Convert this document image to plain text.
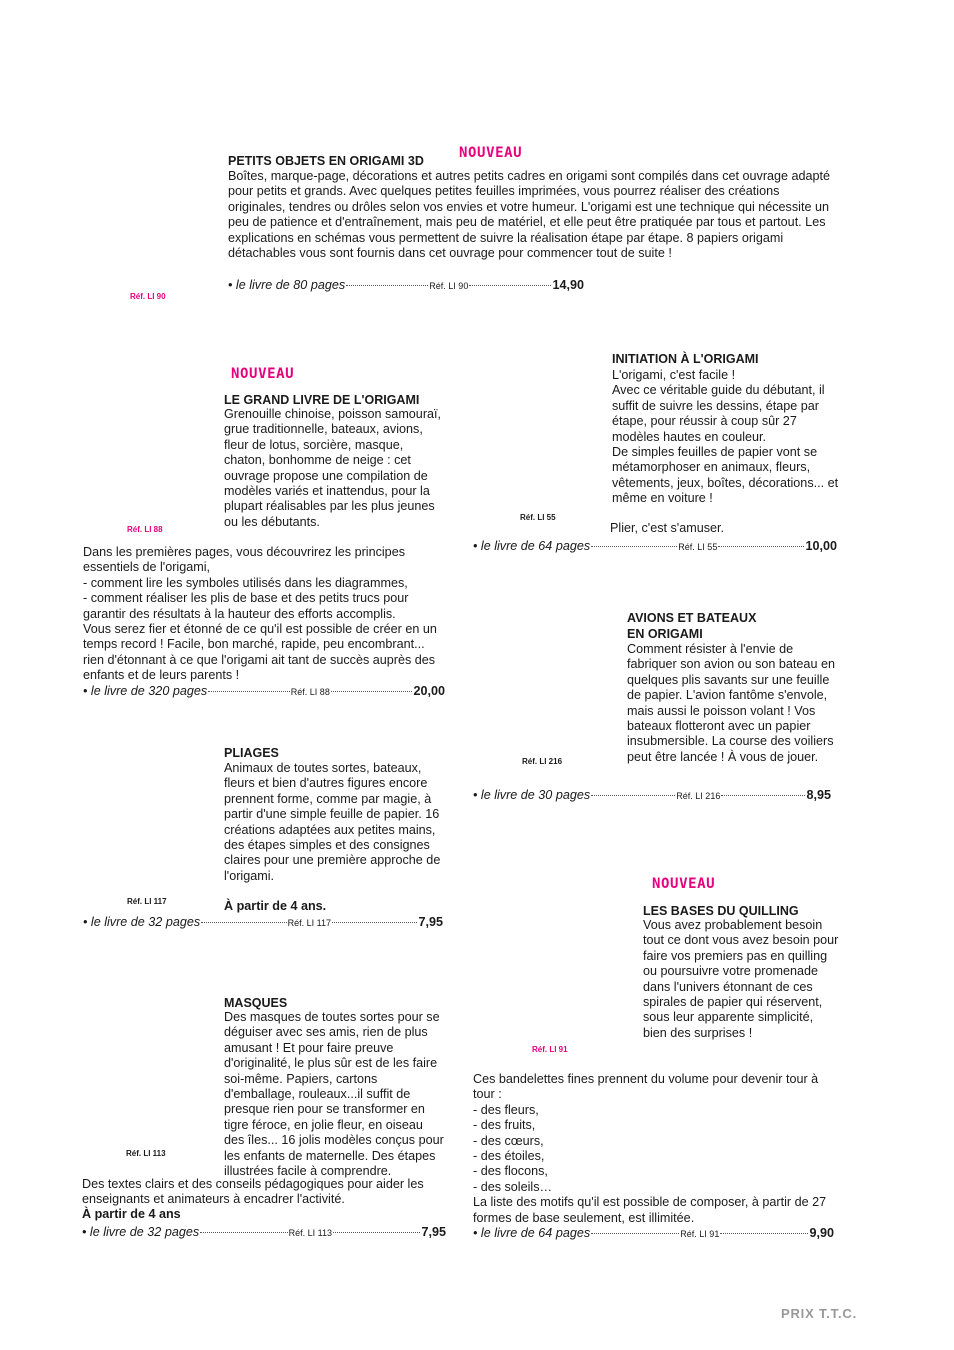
NOUVEAU
PETITS OBJETS EN ORIGAMI 3D
Boîtes, marque-page, décorations et autres petits cadres en origami sont compilés dans cet ouvrage adapté pour petits et grands. Avec quelques petites feuilles imprimées, vous pourrez réaliser des créations originales, tendres ou drôles selon vos envies et votre humeur. L'origami est une technique qui nécessite un peu de patience et d'entraînement, mais peu de matériel, et elle peut être pratiquée par tous et partout. Les explications en schémas vous permettent de suivre la réalisation étape par étape. 8 papiers origami détachables vous sont fournis dans cet ouvrage pour commencer tout de suite !
Réf. LI 90
• le livre de 80 pages	Réf. LI 90	14,90
NOUVEAU
LE GRAND LIVRE DE L'ORIGAMI
Grenouille chinoise, poisson samouraï, grue traditionnelle, bateaux, avions, fleur de lotus, sorcière, masque, chaton, bonhomme de neige : cet ouvrage propose une compilation de modèles variés et inattendus, pour la plupart réalisables par les plus jeunes ou les débutants.
Réf. LI 88
Dans les premières pages, vous découvrirez les principes essentiels de l'origami,
- comment lire les symboles utilisés dans les diagrammes,
- comment réaliser les plis de base et des petits trucs pour garantir des résultats à la hauteur des efforts accomplis.
Vous serez fier et étonné de ce qu'il est possible de créer en un temps record ! Facile, bon marché, rapide, peu encombrant... rien d'étonnant à ce que l'origami ait tant de succès auprès des enfants et de leurs parents !
• le livre de 320 pages	Réf. LI 88	20,00
INITIATION À L'ORIGAMI
L'origami, c'est facile !
Avec ce véritable guide du débutant, il suffit de suivre les dessins, étape par étape, pour réussir à coup sûr 27 modèles hautes en couleur.
De simples feuilles de papier vont se métamorphoser en animaux, fleurs, vêtements, jeux, boîtes, décorations... et même en voiture !
Plier, c'est s'amuser.
Réf. LI 55
• le livre de 64 pages	Réf. LI 55	10,00
PLIAGES
Animaux de toutes sortes, bateaux, fleurs et bien d'autres figures encore prennent forme, comme par magie, à partir d'une simple feuille de papier. 16 créations adaptées aux petites mains, des étapes simples et des consignes claires pour une première approche de l'origami.
À partir de 4 ans.
Réf. LI 117
• le livre de 32 pages	Réf. LI 117	7,95
AVIONS ET BATEAUX
EN ORIGAMI
Comment résister à l'envie de fabriquer son avion ou son bateau en quelques plis savants sur une feuille de papier. L'avion fantôme s'envole, mais aussi le poisson volant ! Vos bateaux flotteront avec un papier insubmersible. La course des voiliers peut être lancée ! À vous de jouer.
Réf. LI 216
• le livre de 30 pages	Réf. LI 216	8,95
MASQUES
Des masques de toutes sortes pour se déguiser avec ses amis, rien de plus amusant ! Et pour faire preuve d'originalité, le plus sûr est de les faire soi-même. Papiers, cartons d'emballage, rouleaux...il suffit de presque rien pour se transformer en tigre féroce, en jolie fleur, en oiseau des îles... 16 jolis modèles conçus pour les enfants de maternelle. Des étapes illustrées facile à comprendre.
Réf. LI 113
Des textes clairs et des conseils pédagogiques pour aider les enseignants et animateurs à encadrer l'activité.
À partir de 4 ans
• le livre de 32 pages	Réf. LI 113	7,95
NOUVEAU
LES BASES DU QUILLING
Vous avez probablement besoin tout ce dont vous avez besoin pour faire vos premiers pas en quilling ou poursuivre votre promenade dans l'univers étonnant de ces spirales de papier qui réservent, sous leur apparente simplicité, bien des surprises !
Réf. LI 91
Ces bandelettes fines prennent du volume pour devenir tour à tour :
- des fleurs,
- des fruits,
- des cœurs,
- des étoiles,
- des flocons,
- des soleils…
La liste des motifs qu'il est possible de composer, à partir de 27 formes de base seulement, est illimitée.
• le livre de 64 pages	Réf. LI 91	9,90
PRIX T.T.C.
